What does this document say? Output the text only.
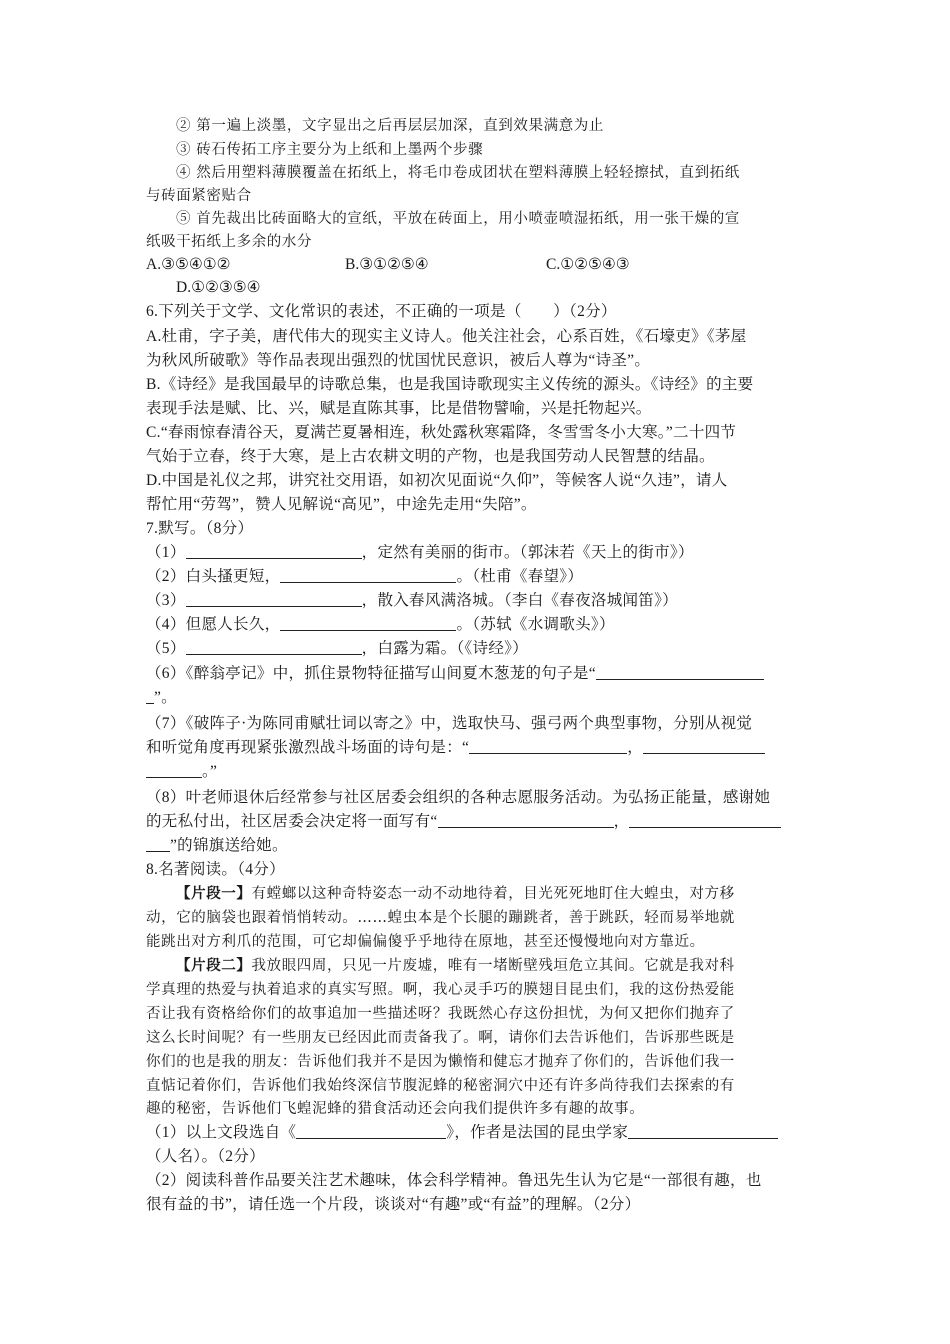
② 第一遍上淡墨，文字显出之后再层层加深，直到效果满意为止
③ 砖石传拓工序主要分为上纸和上墨两个步骤
④ 然后用塑料薄膜覆盖在拓纸上，将毛巾卷成团状在塑料薄膜上轻轻擦拭，直到拓纸
与砖面紧密贴合
⑤ 首先裁出比砖面略大的宣纸，平放在砖面上，用小喷壶喷湿拓纸，用一张干燥的宣
纸吸干拓纸上多余的水分
A.③⑤④①②	B.③①②⑤④	C.①②⑤④③
D.①②③⑤④
6.下列关于文学、文化常识的表述，不正确的一项是（　　）（2分）
A.杜甫，字子美，唐代伟大的现实主义诗人。他关注社会，心系百姓，《石壕吏》《茅屋
为秋风所破歌》等作品表现出强烈的忧国忧民意识，被后人尊为“诗圣”。
B.《诗经》是我国最早的诗歌总集，也是我国诗歌现实主义传统的源头。《诗经》的主要
表现手法是赋、比、兴，赋是直陈其事，比是借物譬喻，兴是托物起兴。
C.“春雨惊春清谷天，夏满芒夏暑相连，秋处露秋寒霜降，冬雪雪冬小大寒。”二十四节
气始于立春，终于大寒，是上古农耕文明的产物，也是我国劳动人民智慧的结晶。
D.中国是礼仪之邦，讲究社交用语，如初次见面说“久仰”，等候客人说“久违”，请人
帮忙用“劳驾”，赞人见解说“高见”，中途先走用“失陪”。
7.默写。（8分）
（1）	，定然有美丽的街市。（郭沫若《天上的街市》）
（2）白头搔更短，	。（杜甫《春望》）
（3）	，散入春风满洛城。（李白《春夜洛城闻笛》）
（4）但愿人长久，	。（苏轼《水调歌头》）
（5）	，白露为霜。（《诗经》）
（6）《醉翁亭记》中，抓住景物特征描写山间夏木葱茏的句子是“
”。
（7）《破阵子·为陈同甫赋壮词以寄之》中，选取快马、强弓两个典型事物，分别从视觉
和听觉角度再现紧张激烈战斗场面的诗句是：“	，
。”
（8）叶老师退休后经常参与社区居委会组织的各种志愿服务活动。为弘扬正能量，感谢她
的无私付出，社区居委会决定将一面写有“	，
”的锦旗送给她。
8.名著阅读。（4分）
【片段一】有螳螂以这种奇特姿态一动不动地待着，目光死死地盯住大蝗虫，对方移
动，它的脑袋也跟着悄悄转动。……蝗虫本是个长腿的蹦跳者，善于跳跃，轻而易举地就
能跳出对方利爪的范围，可它却偏偏傻乎乎地待在原地，甚至还慢慢地向对方靠近。
【片段二】我放眼四周，只见一片废墟，唯有一堵断壁残垣危立其间。它就是我对科
学真理的热爱与执着追求的真实写照。啊，我心灵手巧的膜翅目昆虫们，我的这份热爱能
否让我有资格给你们的故事追加一些描述呀？我既然心存这份担忧，为何又把你们抛弃了
这么长时间呢？有一些朋友已经因此而责备我了。啊，请你们去告诉他们，告诉那些既是
你们的也是我的朋友：告诉他们我并不是因为懒惰和健忘才抛弃了你们的，告诉他们我一
直惦记着你们，告诉他们我始终深信节腹泥蜂的秘密洞穴中还有许多尚待我们去探索的有
趣的秘密，告诉他们飞蝗泥蜂的猎食活动还会向我们提供许多有趣的故事。
（1）以上文段选自《	》，作者是法国的昆虫学家
（人名）。（2分）
（2）阅读科普作品要关注艺术趣味，体会科学精神。鲁迅先生认为它是“一部很有趣，也
很有益的书”，请任选一个片段，谈谈对“有趣”或“有益”的理解。（2分）
